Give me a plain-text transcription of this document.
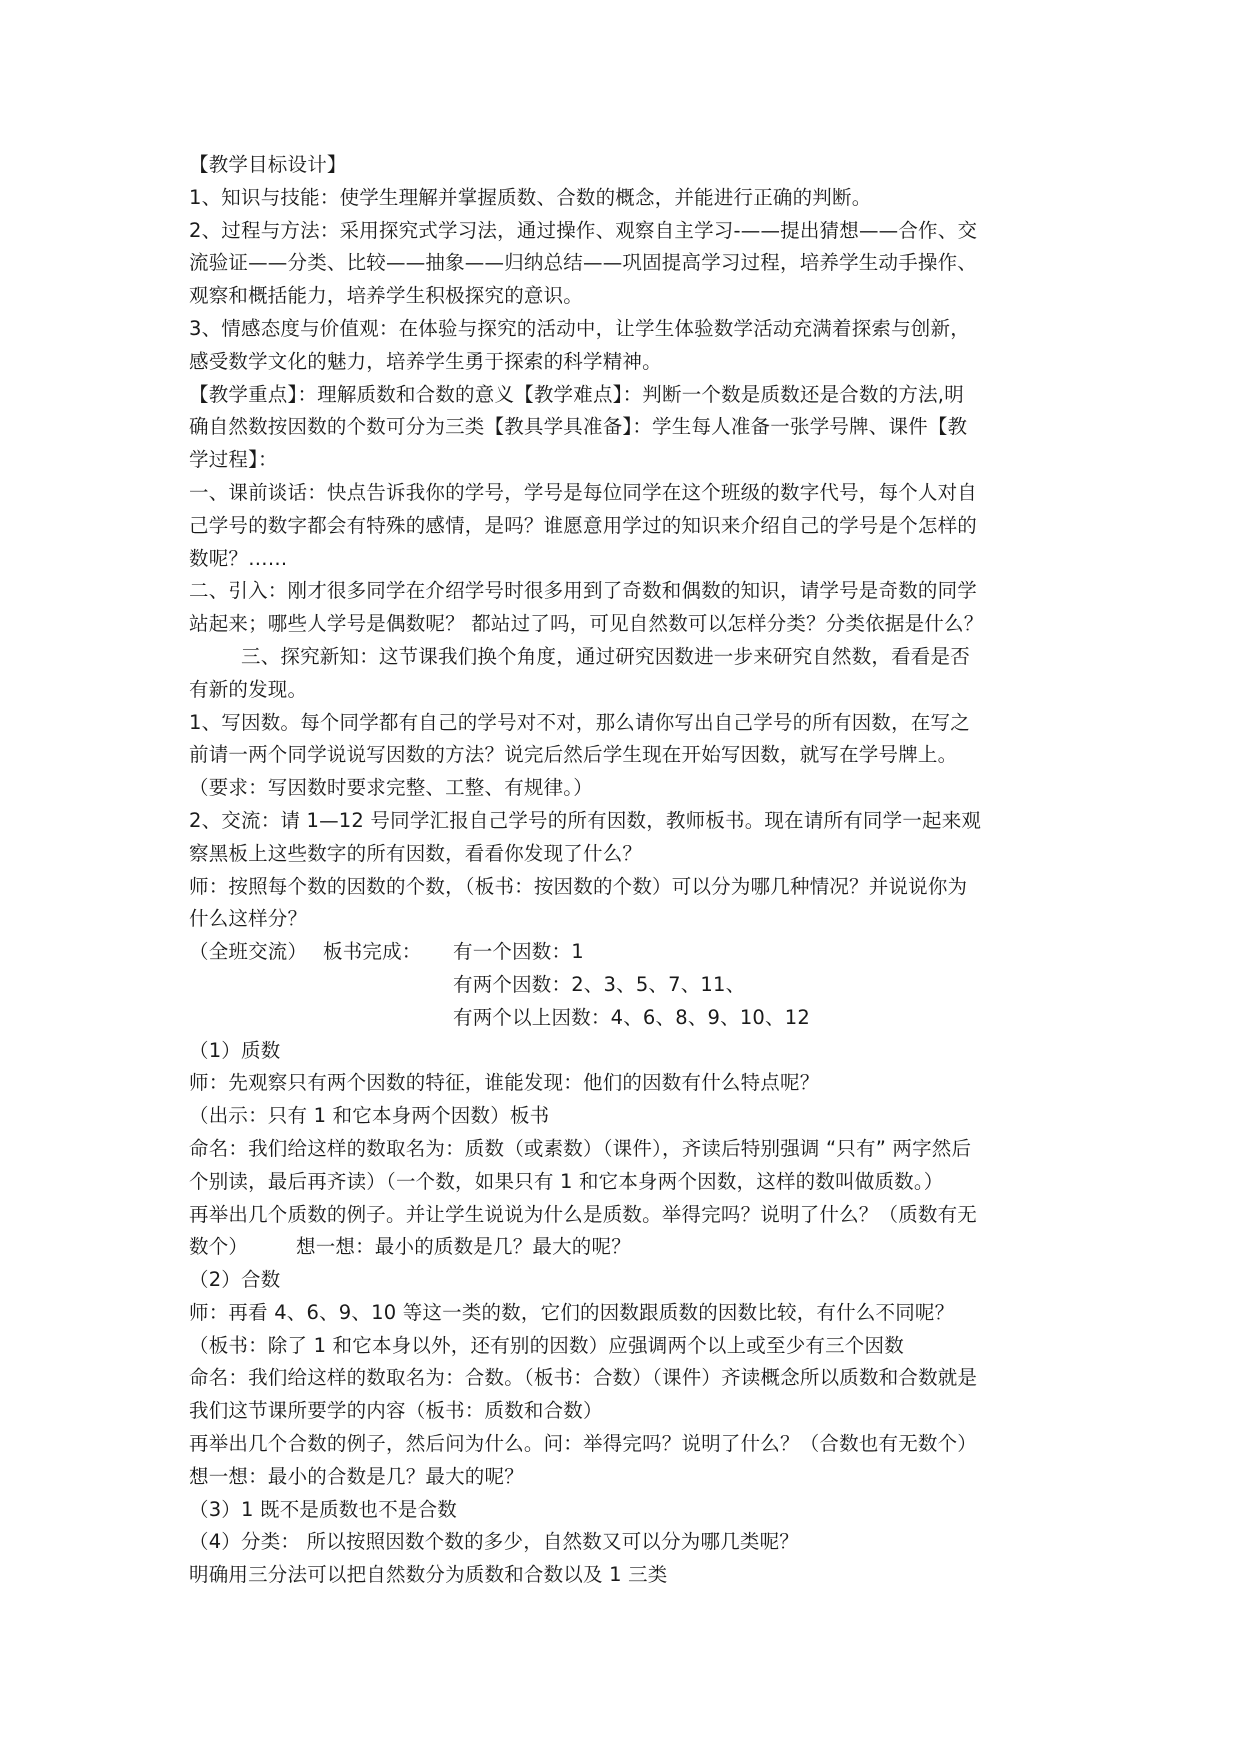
【教学目标设计】

1、知识与技能：使学生理解并掌握质数、合数的概念，并能进行正确的判断。

2、过程与方法：采用探究式学习法，通过操作、观察自主学习-——提出猜想——合作、交

流验证——分类、比较——抽象——归纳总结——巩固提高学习过程，培养学生动手操作、

观察和概括能力，培养学生积极探究的意识。

3、情感态度与价值观：在体验与探究的活动中，让学生体验数学活动充满着探索与创新，

感受数学文化的魅力，培养学生勇于探索的科学精神。

【教学重点】：理解质数和合数的意义【教学难点】：判断一个数是质数还是合数的方法,明

确自然数按因数的个数可分为三类【教具学具准备】：学生每人准备一张学号牌、课件【教

学过程】：

一、课前谈话：快点告诉我你的学号，学号是每位同学在这个班级的数字代号，每个人对自

己学号的数字都会有特殊的感情，是吗？谁愿意用学过的知识来介绍自己的学号是个怎样的

数呢？……

二、引入：刚才很多同学在介绍学号时很多用到了奇数和偶数的知识，请学号是奇数的同学

站起来；哪些人学号是偶数呢？ 都站过了吗，可见自然数可以怎样分类？分类依据是什么？

三、探究新知：这节课我们换个角度，通过研究因数进一步来研究自然数，看看是否

有新的发现。

1、写因数。每个同学都有自己的学号对不对，那么请你写出自己学号的所有因数，在写之

前请一两个同学说说写因数的方法？说完后然后学生现在开始写因数，就写在学号牌上。

（要求：写因数时要求完整、工整、有规律。）

2、交流：请 1—12 号同学汇报自己学号的所有因数，教师板书。现在请所有同学一起来观

察黑板上这些数字的所有因数，看看你发现了什么？

师：按照每个数的因数的个数，（板书：按因数的个数）可以分为哪几种情况？并说说你为

什么这样分？

（全班交流） 板书完成： 有一个因数：1

有两个因数：2、3、5、7、11、

有两个以上因数：4、6、8、9、10、12

（1）质数

师：先观察只有两个因数的特征，谁能发现：他们的因数有什么特点呢？

（出示：只有 1 和它本身两个因数）板书

命名：我们给这样的数取名为：质数（或素数）（课件），齐读后特别强调 “只有” 两字然后

个别读，最后再齐读）（一个数，如果只有 1 和它本身两个因数，这样的数叫做质数。）

再举出几个质数的例子。并让学生说说为什么是质数。举得完吗？说明了什么？（质数有无

数个） 想一想：最小的质数是几？最大的呢？

（2）合数

师：再看 4、6、9、10 等这一类的数，它们的因数跟质数的因数比较，有什么不同呢？

（板书：除了 1 和它本身以外，还有别的因数）应强调两个以上或至少有三个因数

命名：我们给这样的数取名为：合数。（板书：合数）（课件）齐读概念所以质数和合数就是

我们这节课所要学的内容（板书：质数和合数）

再举出几个合数的例子，然后问为什么。问：举得完吗？说明了什么？（合数也有无数个）

想一想：最小的合数是几？最大的呢？

（3）1 既不是质数也不是合数

（4）分类： 所以按照因数个数的多少，自然数又可以分为哪几类呢？

明确用三分法可以把自然数分为质数和合数以及 1 三类
